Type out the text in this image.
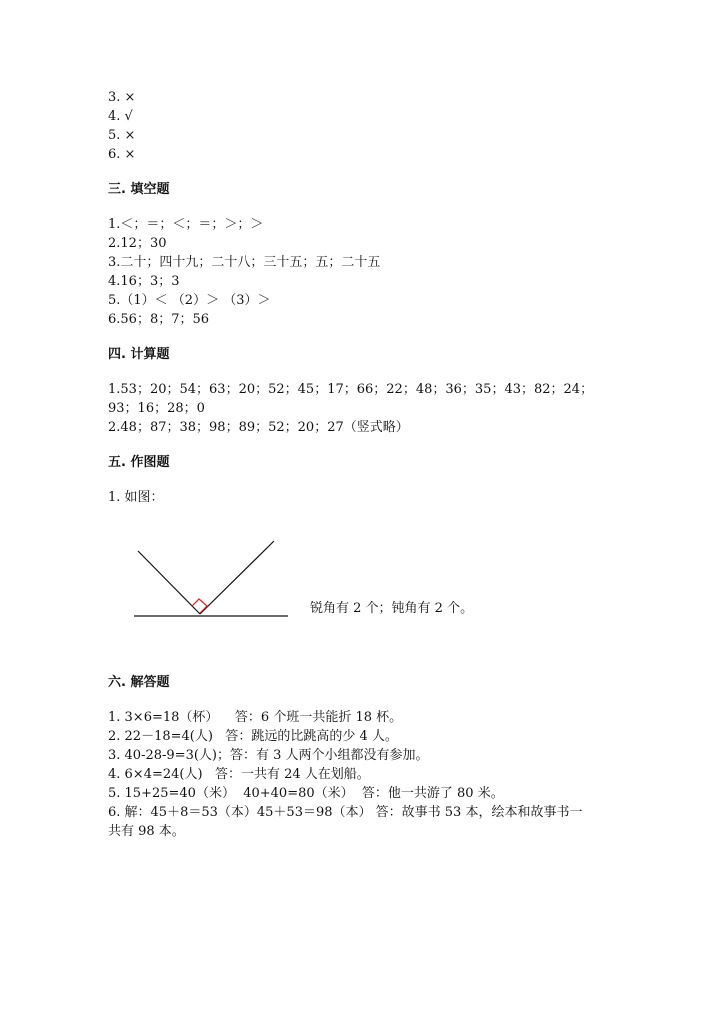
3. ×
4. √
5. ×
6. ×
三. 填空题
1.＜；＝；＜；＝；＞；＞
2.12；30
3.二十；四十九；二十八；三十五；五；二十五
4.16；3；3
5.（1）＜ （2）＞ （3）＞
6.56；8；7；56
四. 计算题
1.53；20；54；63；20；52；45；17；66；22；48；36；35；43；82；24；
93；16；28；0
2.48；87；38；98；89；52；20；27（竖式略）
五. 作图题
1. 如图：
锐角有 2 个；钝角有 2 个。
六. 解答题
1. 3×6=18（杯）    答：6 个班一共能折 18 杯。
2. 22－18=4(人)   答：跳远的比跳高的少 4 人。
3. 40-28-9=3(人)；答：有 3 人两个小组都没有参加。
4. 6×4=24(人)   答：一共有 24 人在划船。
5. 15+25=40（米）  40+40=80（米）  答：他一共游了 80 米。
6. 解：45＋8＝53（本）45＋53＝98（本） 答：故事书 53 本，绘本和故事书一
共有 98 本。
